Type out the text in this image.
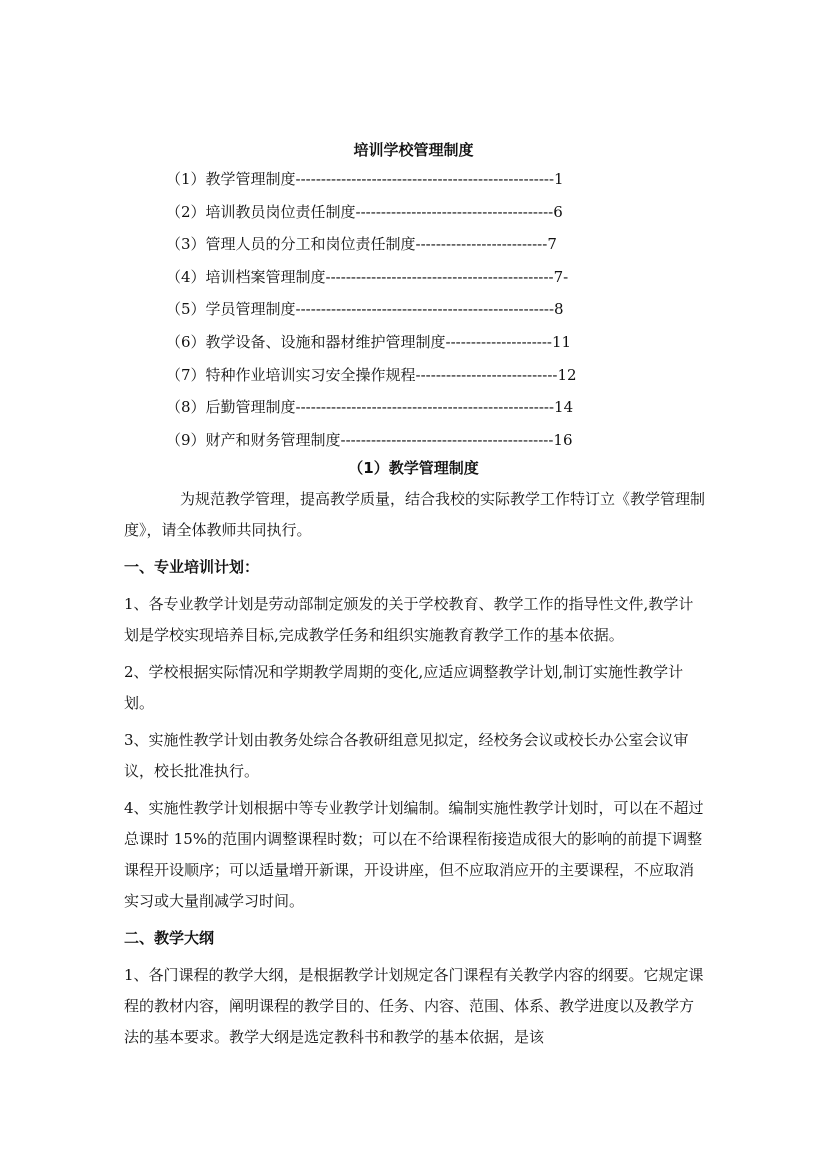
培训学校管理制度
（1）教学管理制度---------------------------------------------------1
（2）培训教员岗位责任制度---------------------------------------6
（3）管理人员的分工和岗位责任制度--------------------------7
（4）培训档案管理制度---------------------------------------------7-
（5）学员管理制度---------------------------------------------------8
（6）教学设备、设施和器材维护管理制度---------------------11
（7）特种作业培训实习安全操作规程----------------------------12
（8）后勤管理制度---------------------------------------------------14
（9）财产和财务管理制度------------------------------------------16
（1）教学管理制度

为规范教学管理，提高教学质量，结合我校的实际教学工作特订立《教学管理制度》，请全体教师共同执行。

一、专业培训计划：

1、各专业教学计划是劳动部制定颁发的关于学校教育、教学工作的指导性文件,教学计划是学校实现培养目标,完成教学任务和组织实施教育教学工作的基本依据。

2、学校根据实际情况和学期教学周期的变化,应适应调整教学计划,制订实施性教学计划。

3、实施性教学计划由教务处综合各教研组意见拟定，经校务会议或校长办公室会议审议，校长批准执行。

4、实施性教学计划根据中等专业教学计划编制。编制实施性教学计划时，可以在不超过总课时 15%的范围内调整课程时数；可以在不给课程衔接造成很大的影响的前提下调整课程开设顺序；可以适量增开新课，开设讲座，但不应取消应开的主要课程，不应取消实习或大量削减学习时间。

二、教学大纲

1、各门课程的教学大纲，是根据教学计划规定各门课程有关教学内容的纲要。它规定课程的教材内容，阐明课程的教学目的、任务、内容、范围、体系、教学进度以及教学方法的基本要求。教学大纲是选定教科书和教学的基本依据，是该
